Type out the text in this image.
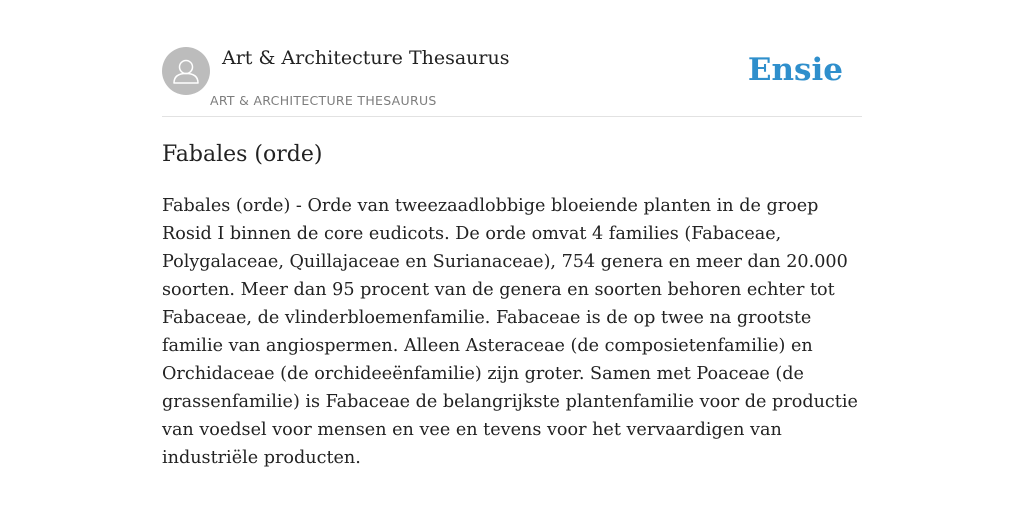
Art & Architecture Thesaurus
ART & ARCHITECTURE THESAURUS
Ensie
Fabales (orde)

Fabales (orde) - Orde van tweezaadlobbige bloeiende planten in de groep Rosid I binnen de core eudicots. De orde omvat 4 families (Fabaceae, Polygalaceae, Quillajaceae en Surianaceae), 754 genera en meer dan 20.000 soorten. Meer dan 95 procent van de genera en soorten behoren echter tot Fabaceae, de vlinderbloemenfamilie. Fabaceae is de op twee na grootste familie van angiospermen. Alleen Asteraceae (de composietenfamilie) en Orchidaceae (de orchideeënfamilie) zijn groter. Samen met Poaceae (de grassenfamilie) is Fabaceae de belangrijkste plantenfamilie voor de productie van voedsel voor mensen en vee en tevens voor het vervaardigen van industriële producten.
